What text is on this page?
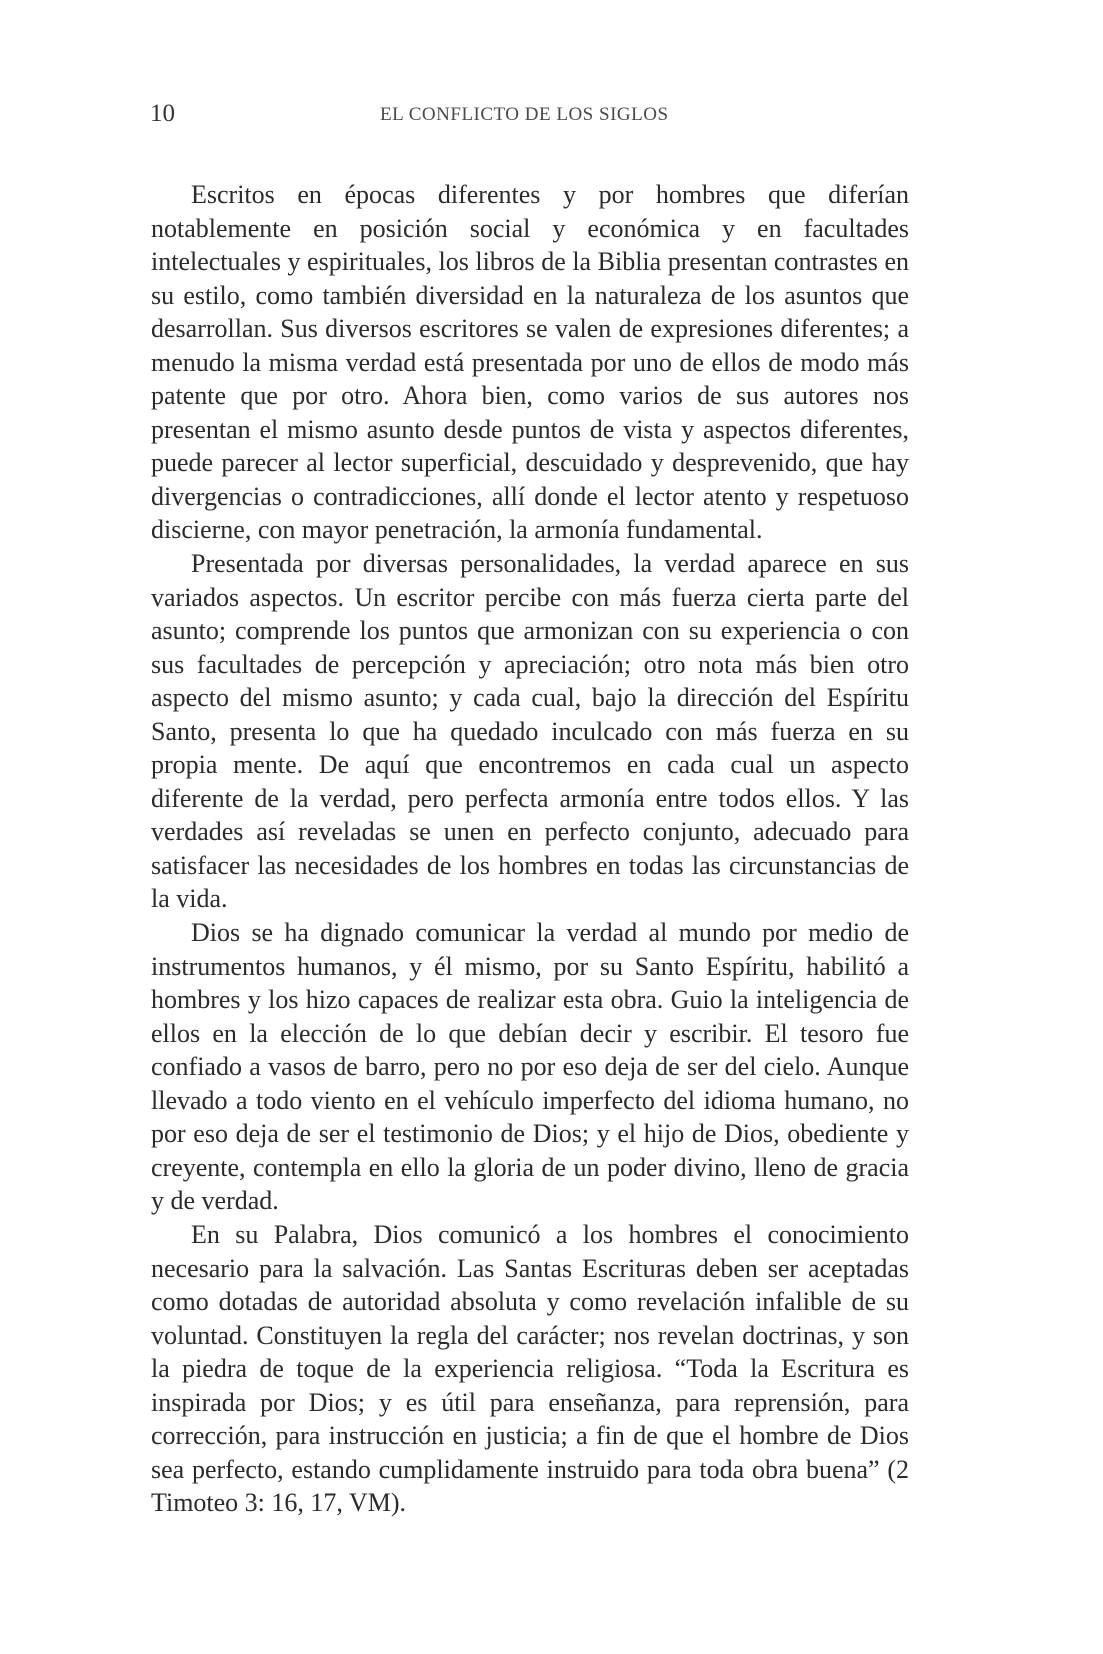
10	EL CONFLICTO DE LOS SIGLOS

Escritos en épocas diferentes y por hombres que diferían notablemente en posición social y económica y en facultades intelectuales y espirituales, los libros de la Biblia presentan contrastes en su estilo, como también diversidad en la naturaleza de los asuntos que desarrollan. Sus diversos escritores se valen de expresiones diferentes; a menudo la misma verdad está presentada por uno de ellos de modo más patente que por otro. Ahora bien, como varios de sus autores nos presentan el mismo asunto desde puntos de vista y aspectos diferentes, puede parecer al lector superficial, descuidado y desprevenido, que hay divergencias o contradicciones, allí donde el lector atento y respetuoso discierne, con mayor penetración, la armonía fundamental.

Presentada por diversas personalidades, la verdad aparece en sus variados aspectos. Un escritor percibe con más fuerza cierta parte del asunto; comprende los puntos que armonizan con su experiencia o con sus facultades de percepción y apreciación; otro nota más bien otro aspecto del mismo asunto; y cada cual, bajo la dirección del Espíritu Santo, presenta lo que ha quedado inculcado con más fuerza en su propia mente. De aquí que encontremos en cada cual un aspecto diferente de la verdad, pero perfecta armonía entre todos ellos. Y las verdades así reveladas se unen en perfecto conjunto, adecuado para satisfacer las necesidades de los hombres en todas las circunstancias de la vida.

Dios se ha dignado comunicar la verdad al mundo por medio de instrumentos humanos, y él mismo, por su Santo Espíritu, habilitó a hombres y los hizo capaces de realizar esta obra. Guio la inteligencia de ellos en la elección de lo que debían decir y escribir. El tesoro fue confiado a vasos de barro, pero no por eso deja de ser del cielo. Aunque llevado a todo viento en el vehículo imperfecto del idioma humano, no por eso deja de ser el testimonio de Dios; y el hijo de Dios, obediente y creyente, contempla en ello la gloria de un poder divino, lleno de gracia y de verdad.

En su Palabra, Dios comunicó a los hombres el conocimiento necesario para la salvación. Las Santas Escrituras deben ser aceptadas como dotadas de autoridad absoluta y como revelación infalible de su voluntad. Constituyen la regla del carácter; nos revelan doctrinas, y son la piedra de toque de la experiencia religiosa. “Toda la Escritura es inspirada por Dios; y es útil para enseñanza, para reprensión, para corrección, para instrucción en justicia; a fin de que el hombre de Dios sea perfecto, estando cumplidamente instruido para toda obra buena” (2 Timoteo 3: 16, 17, VM).
